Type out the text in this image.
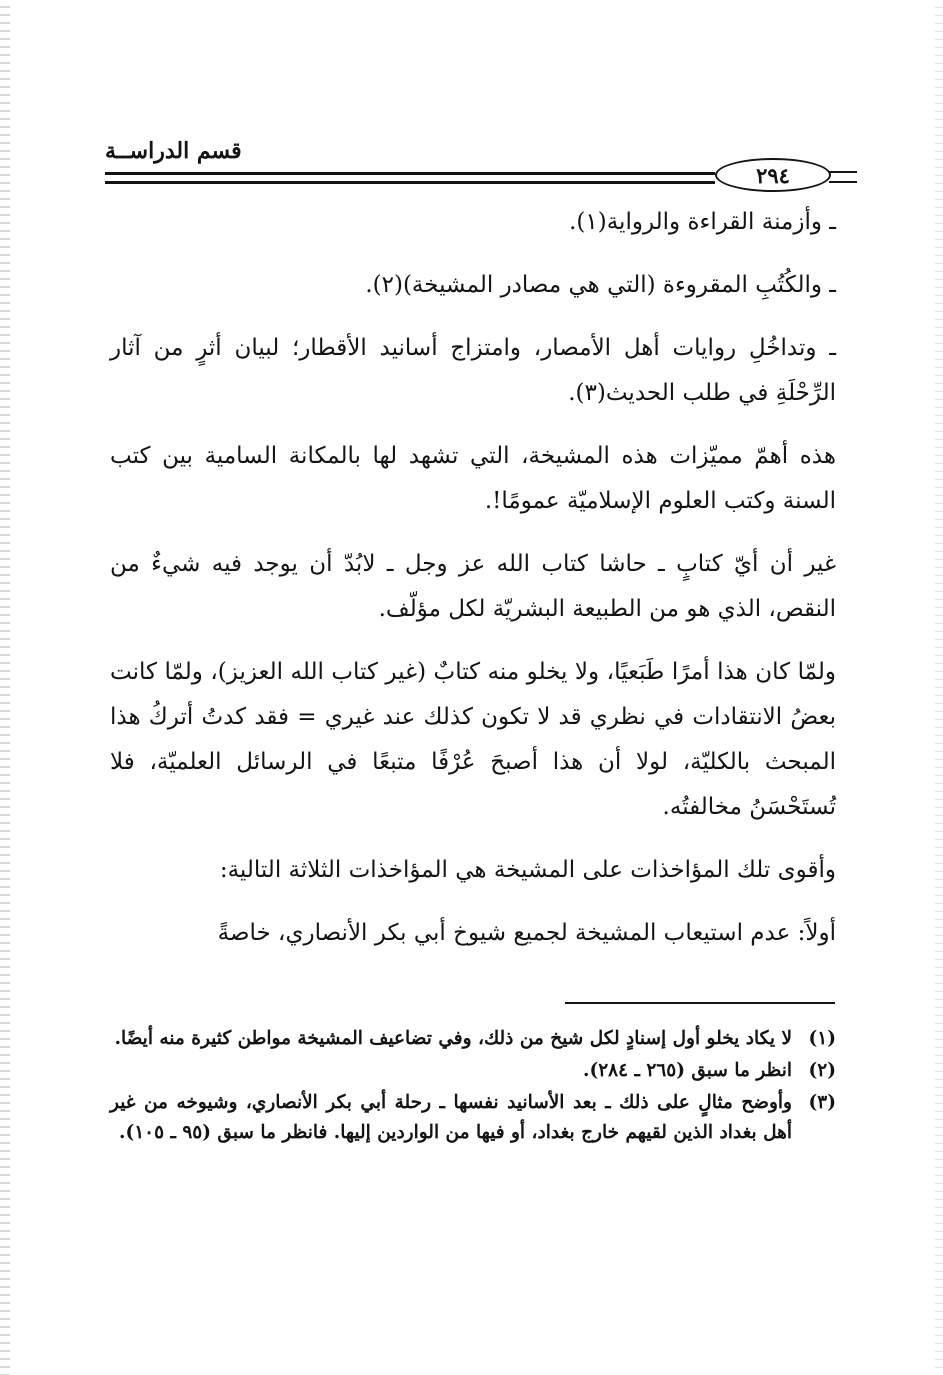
قسم الدراســة
٢٩٤

ـ وأزمنة القراءة والرواية(١).

ـ والكُتُبِ المقروءة (التي هي مصادر المشيخة)(٢).

ـ وتداخُلِ روايات أهل الأمصار، وامتزاج أسانيد الأقطار؛ لبيان أثرٍ من آثار الرِّحْلَةِ في طلب الحديث(٣).

هذه أهمّ مميّزات هذه المشيخة، التي تشهد لها بالمكانة السامية بين كتب السنة وكتب العلوم الإسلاميّة عمومًا!.

غير أن أيّ كتابٍ ـ حاشا كتاب الله عز وجل ـ لابُدّ أن يوجد فيه شيءٌ من النقص، الذي هو من الطبيعة البشريّة لكل مؤلّف.

ولمّا كان هذا أمرًا طَبَعيًا، ولا يخلو منه كتابٌ (غير كتاب الله العزيز)، ولمّا كانت بعضُ الانتقادات في نظري قد لا تكون كذلك عند غيري = فقد كدتُ أتركُ هذا المبحث بالكليّة، لولا أن هذا أصبحَ عُرْفًا متبعًا في الرسائل العلميّة، فلا تُستَحْسَنُ مخالفتُه.

وأقوى تلك المؤاخذات على المشيخة هي المؤاخذات الثلاثة التالية:

أولاً: عدم استيعاب المشيخة لجميع شيوخ أبي بكر الأنصاري، خاصةً

(١)
لا يكاد يخلو أول إسنادٍ لكل شيخ من ذلك، وفي تضاعيف المشيخة مواطن كثيرة منه أيضًا.
(٢)
انظر ما سبق (٢٦٥ ـ ٢٨٤).
(٣)
وأوضح مثالٍ على ذلك ـ بعد الأسانيد نفسها ـ رحلة أبي بكر الأنصاري، وشيوخه من غير أهل بغداد الذين لقيهم خارج بغداد، أو فيها من الواردين إليها. فانظر ما سبق (٩٥ ـ ١٠٥).
